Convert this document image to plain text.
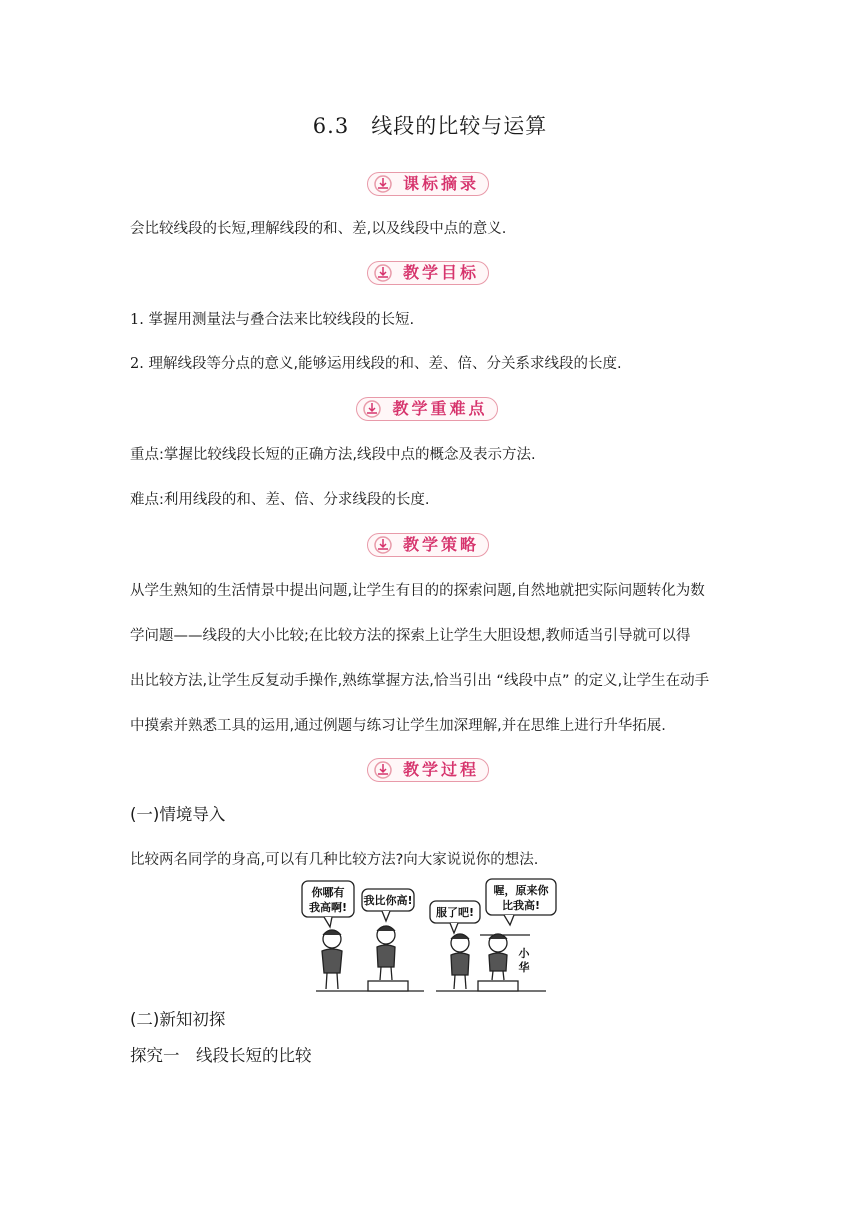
6.3 线段的比较与运算
课标摘录
会比较线段的长短,理解线段的和、差,以及线段中点的意义.
教学目标
1. 掌握用测量法与叠合法来比较线段的长短.
2. 理解线段等分点的意义,能够运用线段的和、差、倍、分关系求线段的长度.
教学重难点
重点:掌握比较线段长短的正确方法,线段中点的概念及表示方法.
难点:利用线段的和、差、倍、分求线段的长度.
教学策略
从学生熟知的生活情景中提出问题,让学生有目的的探索问题,自然地就把实际问题转化为数
学问题——线段的大小比较;在比较方法的探索上让学生大胆设想,教师适当引导就可以得
出比较方法,让学生反复动手操作,熟练掌握方法,恰当引出 “线段中点” 的定义,让学生在动手
中摸索并熟悉工具的运用,通过例题与练习让学生加深理解,并在思维上进行升华拓展.
教学过程
(一)情境导入
比较两名同学的身高,可以有几种比较方法?向大家说说你的想法.
你哪有
我高啊!
我比你高!
服了吧!
喔，原来你
比我高!
小
华
(二)新知初探
探究一　线段长短的比较
